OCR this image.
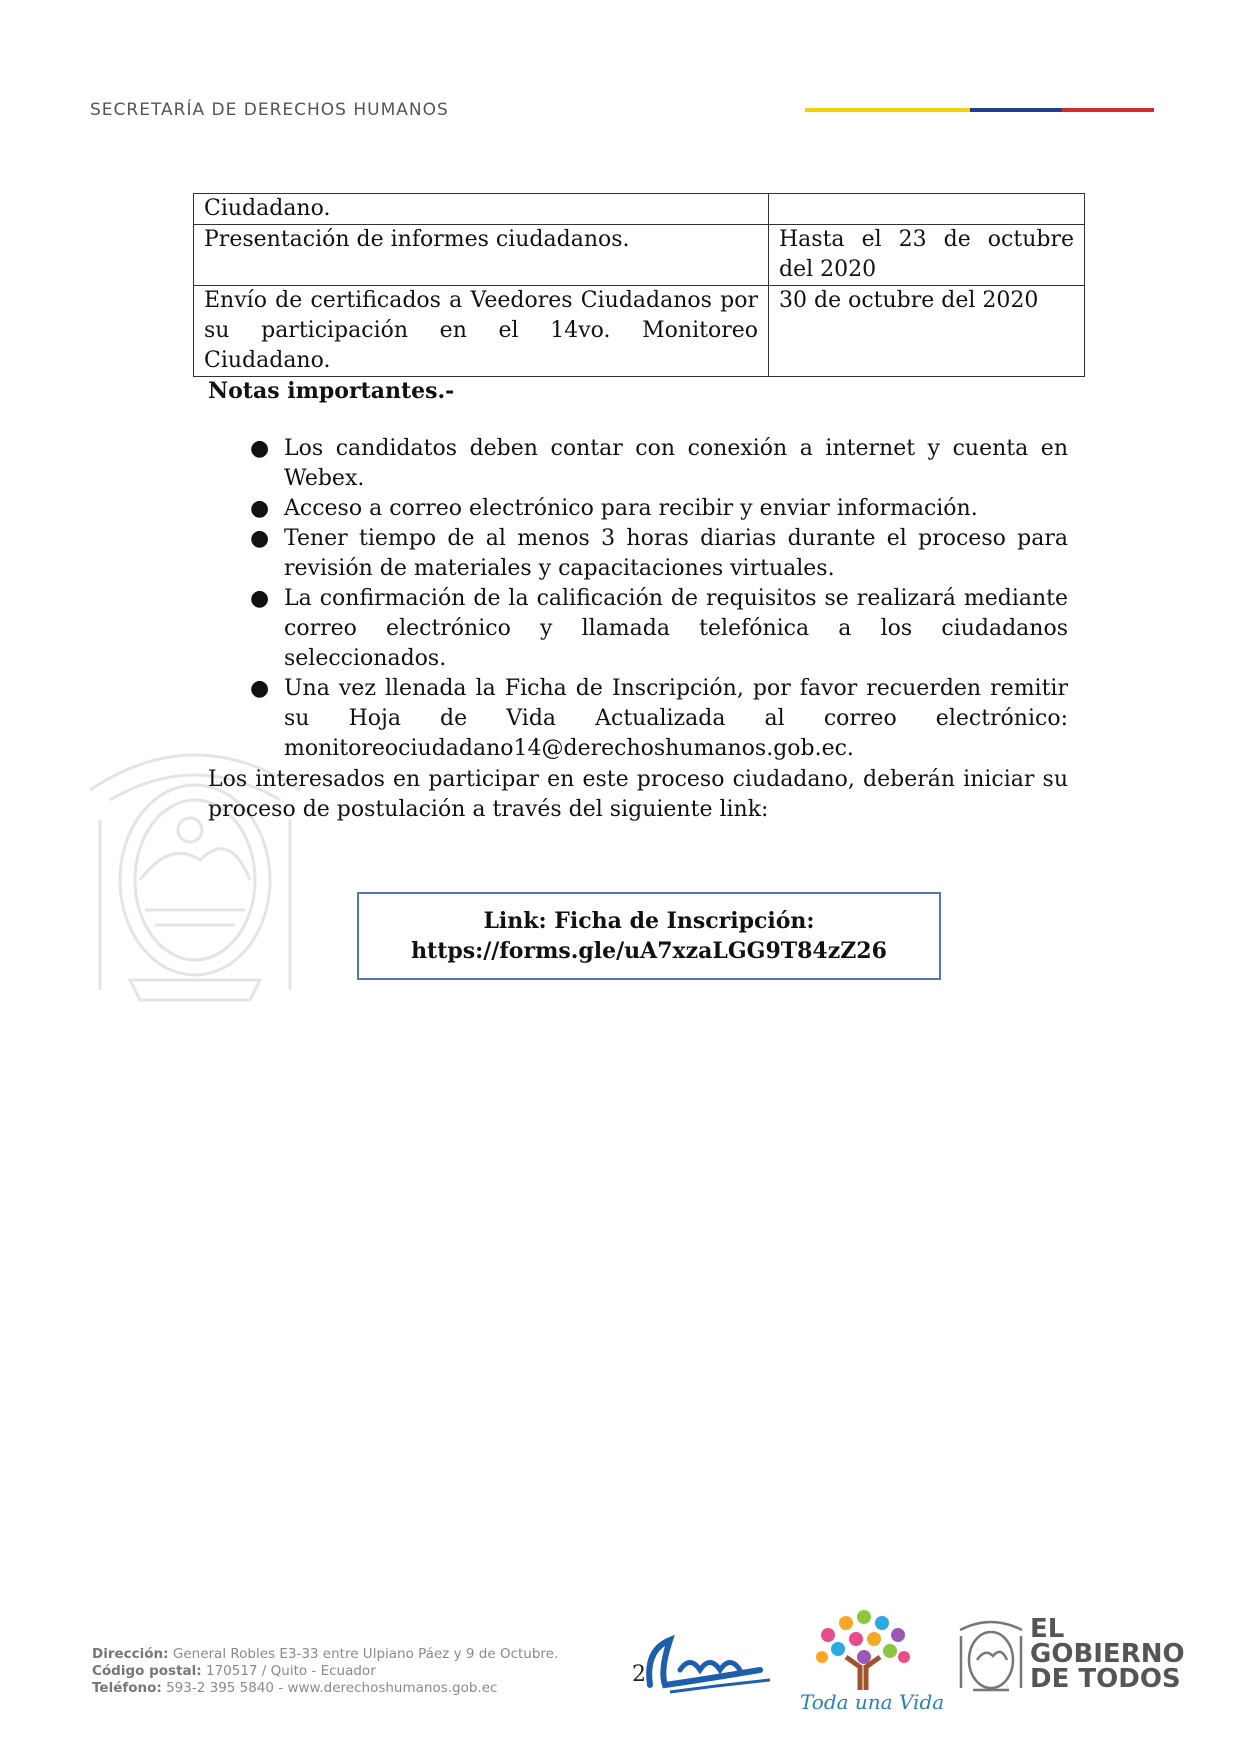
SECRETARÍA DE DERECHOS HUMANOS
Ciudadano.	
Presentación de informes ciudadanos.	Hasta el 23 de octubre del 2020
Envío de certificados a Veedores Ciudadanos por su participación en el 14vo. Monitoreo Ciudadano.	30 de octubre del 2020
Notas importantes.-
● Los candidatos deben contar con conexión a internet y cuenta en Webex.
● Acceso a correo electrónico para recibir y enviar información.
● Tener tiempo de al menos 3 horas diarias durante el proceso para revisión de materiales y capacitaciones virtuales.
● La confirmación de la calificación de requisitos se realizará mediante correo electrónico y llamada telefónica a los ciudadanos seleccionados.
● Una vez llenada la Ficha de Inscripción, por favor recuerden remitir su Hoja de Vida Actualizada al correo electrónico: monitoreociudadano14@derechoshumanos.gob.ec.
Los interesados en participar en este proceso ciudadano, deberán iniciar su proceso de postulación a través del siguiente link:
Link: Ficha de Inscripción:
https://forms.gle/uA7xzaLGG9T84zZ26
Dirección: General Robles E3-33 entre Ulpiano Páez y 9 de Octubre.
Código postal: 170517 / Quito - Ecuador
Teléfono: 593-2 395 5840 - www.derechoshumanos.gob.ec
2
Toda una Vida
EL
GOBIERNO
DE TODOS
